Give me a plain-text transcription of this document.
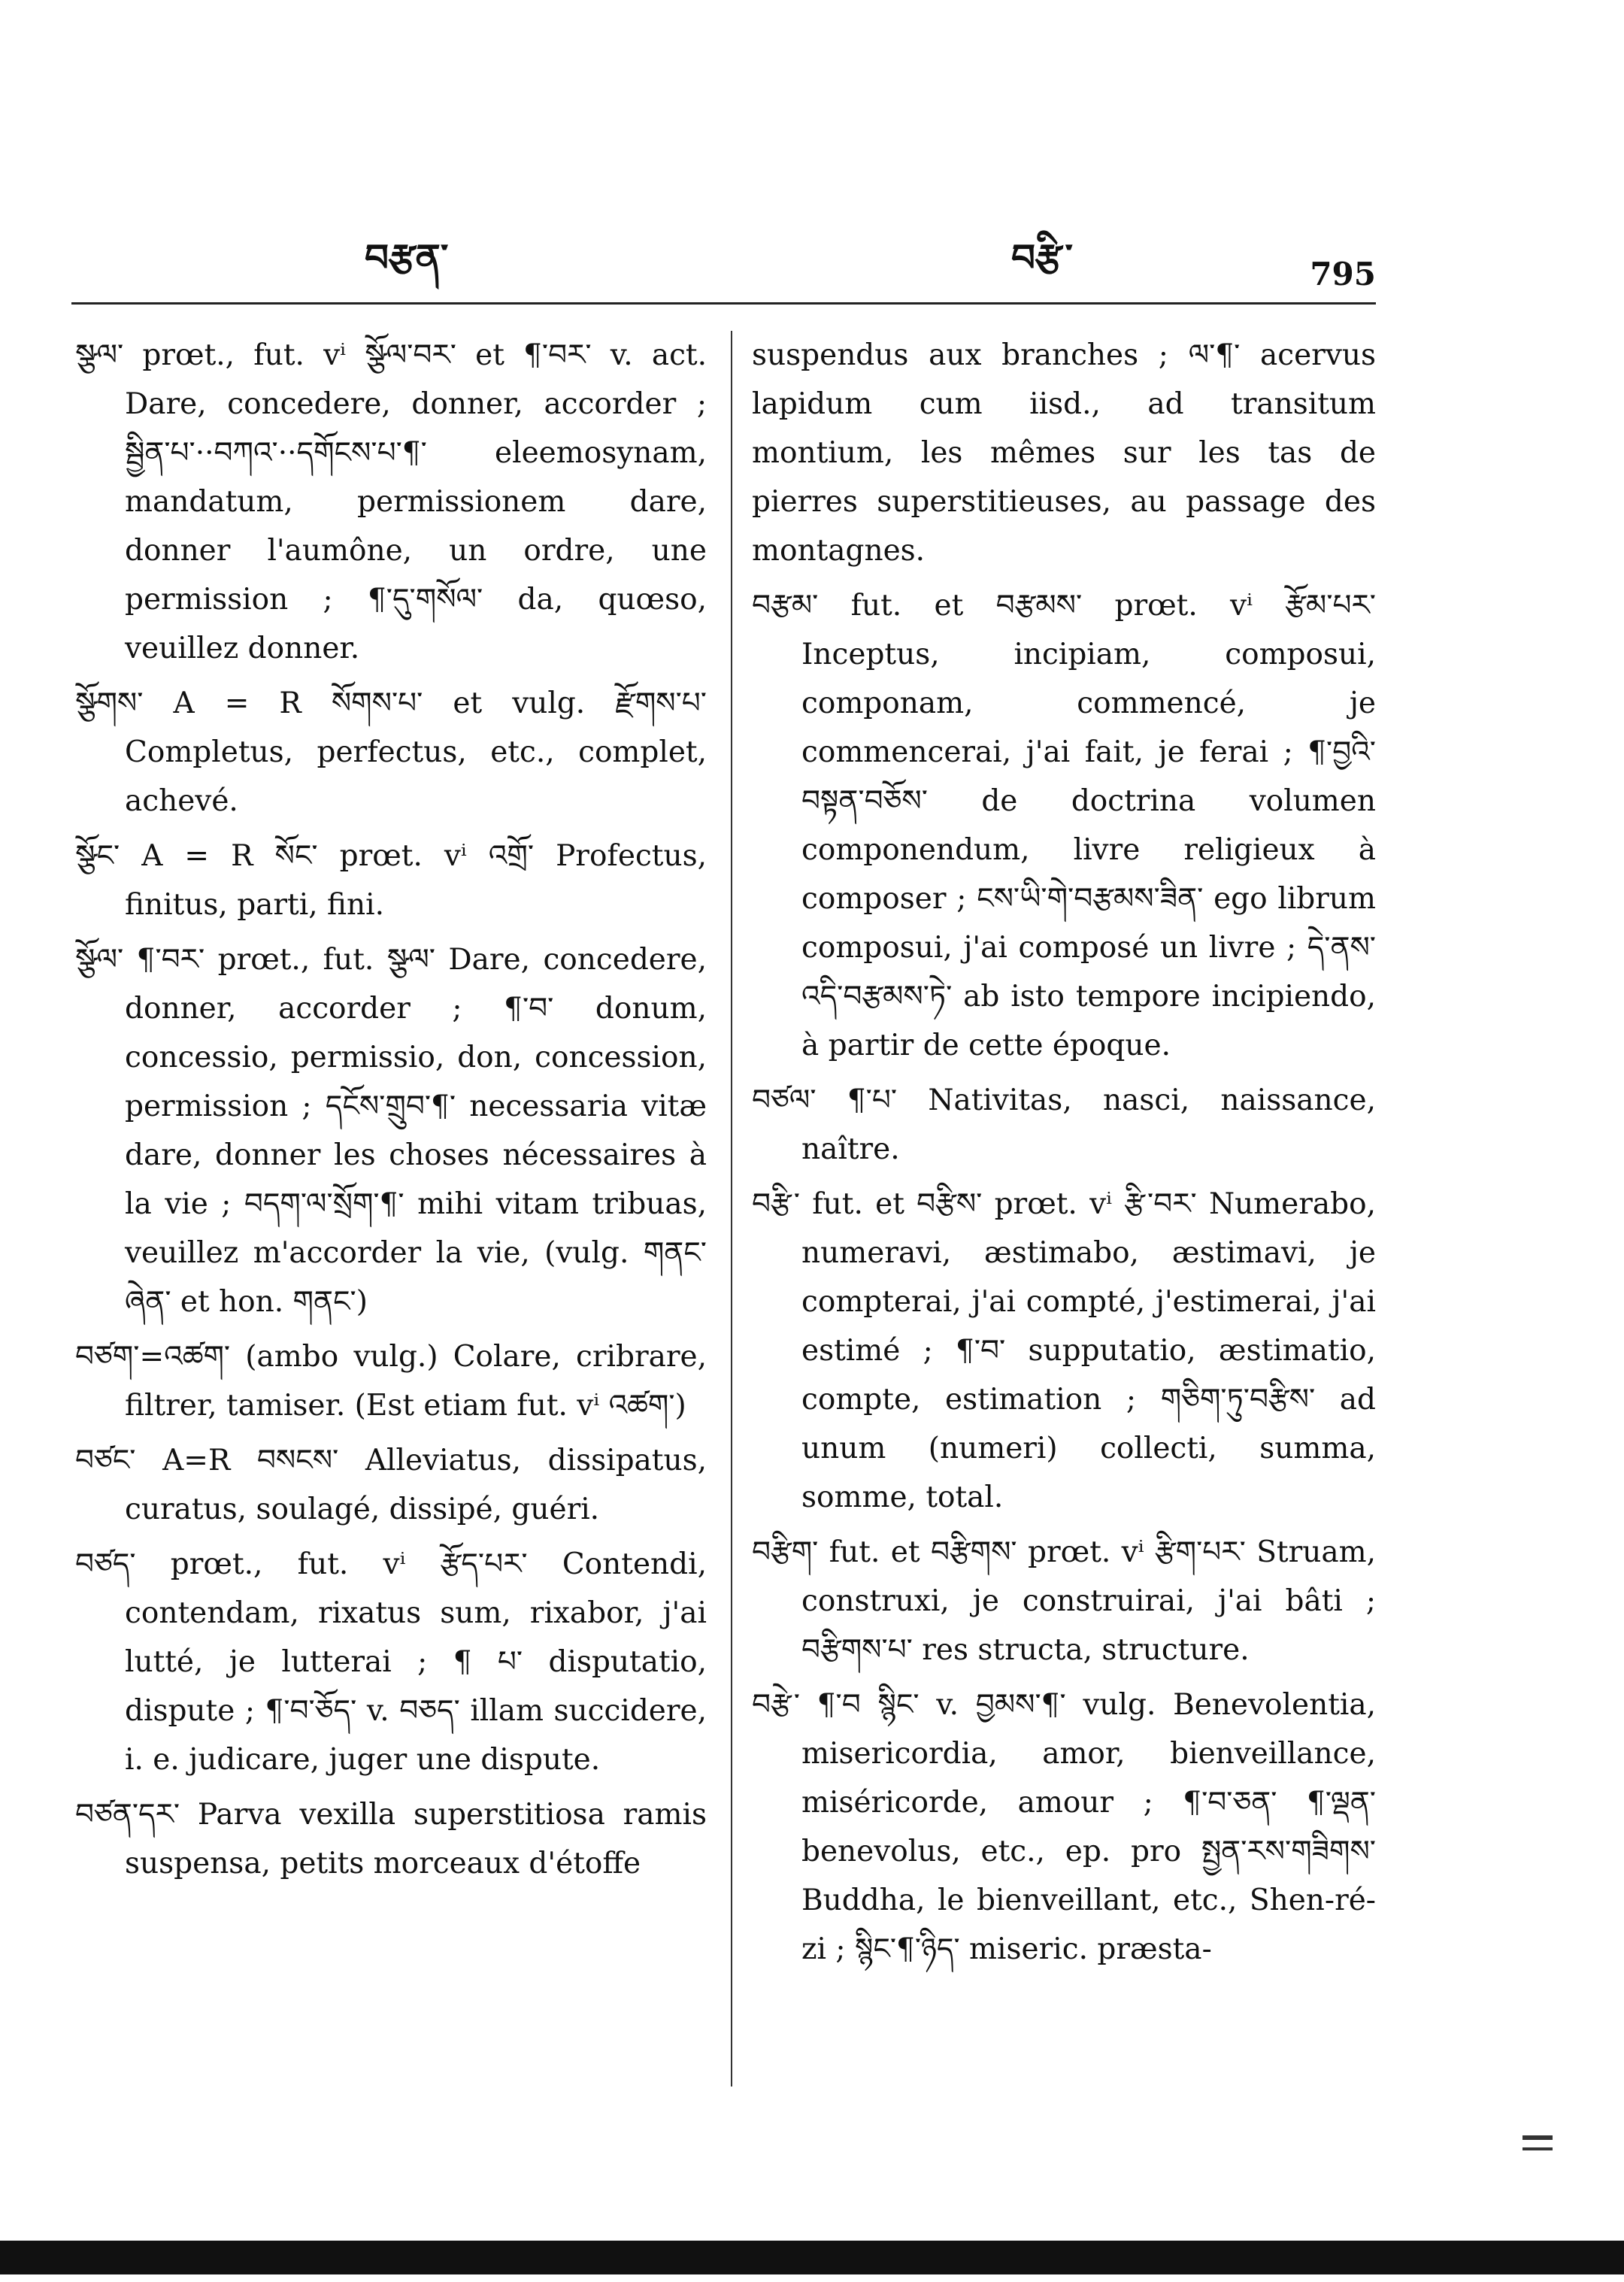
བརྩན་	བརྩི་	795

སྩལ་ prœt., fut. vⁱ སྩོལ་བར་ et ¶་བར་ v. act. Dare, concedere, donner, accorder ; སྦྱིན་པ་··བཀའ་··དགོངས་པ་¶་ eleemosynam, mandatum, permissionem dare, donner l'aumône, un ordre, une permission ; ¶་དུ་གསོལ་ da, quœso, veuillez donner.

སྩོགས་ A = R སོགས་པ་ et vulg. རྫོགས་པ་ Completus, perfectus, etc., complet, achevé.

སྩོང་ A = R སོང་ prœt. vⁱ འགྲོ་ Profectus, finitus, parti, fini.

སྩོལ་ ¶་བར་ prœt., fut. སྩལ་ Dare, concedere, donner, accorder ; ¶་བ་ donum, concessio, permissio, don, concession, permission ; དངོས་གྲུབ་¶་ necessaria vitæ dare, donner les choses nécessaires à la vie ; བདག་ལ་སྲོག་¶་ mihi vitam tribuas, veuillez m'accorder la vie, (vulg. གནང་ ཞེན་ et hon. གནང་)

བཙག་=འཚག་ (ambo vulg.) Colare, cribrare, filtrer, tamiser. (Est etiam fut. vⁱ འཚག་)

བཙང་ A=R བསངས་ Alleviatus, dissipatus, curatus, soulagé, dissipé, guéri.

བཙད་ prœt., fut. vⁱ རྩོད་པར་ Contendi, contendam, rixatus sum, rixabor, j'ai lutté, je lutterai ; ¶ པ་ disputatio, dispute ; ¶་བ་ཅོད་ v. བཅད་ illam succidere, i. e. judicare, juger une dispute.

བཙན་དར་ Parva vexilla superstitiosa ramis suspensa, petits morceaux d'étoffe

suspendus aux branches ; ལ་¶་ acervus lapidum cum iisd., ad transitum montium, les mêmes sur les tas de pierres superstitieuses, au passage des montagnes.

བརྩམ་ fut. et བརྩམས་ prœt. vⁱ རྩོམ་པར་ Inceptus, incipiam, composui, componam, commencé, je commencerai, j'ai fait, je ferai ; ¶་བྱའི་བསྟན་བཅོས་ de doctrina volumen componendum, livre religieux à composer ; ངས་ཡི་གེ་བརྩམས་ཟིན་ ego librum composui, j'ai composé un livre ; དེ་ནས་འདི་བརྩམས་ཏེ་ ab isto tempore incipiendo, à partir de cette époque.

བཙལ་ ¶་པ་ Nativitas, nasci, naissance, naître.

བརྩི་ fut. et བརྩིས་ prœt. vⁱ རྩི་བར་ Numerabo, numeravi, æstimabo, æstimavi, je compterai, j'ai compté, j'estimerai, j'ai estimé ; ¶་བ་ supputatio, æstimatio, compte, estimation ; གཅིག་ཏུ་བརྩིས་ ad unum (numeri) collecti, summa, somme, total.

བརྩིག་ fut. et བརྩིགས་ prœt. vⁱ རྩིག་པར་ Struam, construxi, je construirai, j'ai bâti ; བརྩིགས་པ་ res structa, structure.

བརྩེ་ ¶་བ སྙིང་ v. བྱམས་¶་ vulg. Benevolentia, misericordia, amor, bienveillance, miséricorde, amour ; ¶་བ་ཅན་ ¶་ལྡན་ benevolus, etc., ep. pro སྤྱན་རས་གཟིགས་ Buddha, le bienveillant, etc., Shen-ré-zi ; སྙིང་¶་ཉིད་ miseric. præsta-
